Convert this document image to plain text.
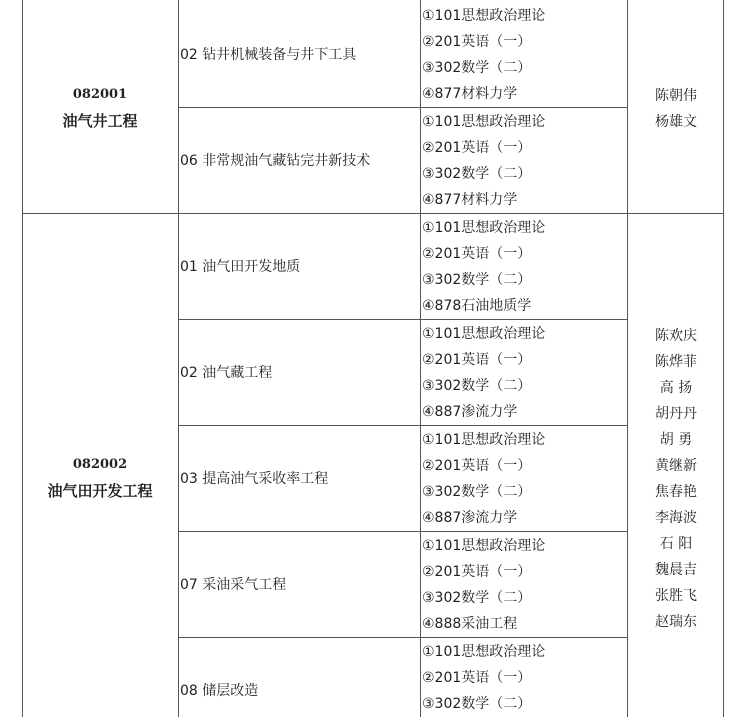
082001
油气井工程
02 钻井机械装备与井下工具
①101思想政治理论
②201英语（一）
③302数学（二）
④877材料力学
06 非常规油气藏钻完井新技术
①101思想政治理论
②201英语（一）
③302数学（二）
④877材料力学
陈朝伟
杨雄文
082002
油气田开发工程
01 油气田开发地质
①101思想政治理论
②201英语（一）
③302数学（二）
④878石油地质学
02 油气藏工程
①101思想政治理论
②201英语（一）
③302数学（二）
④887渗流力学
03 提高油气采收率工程
①101思想政治理论
②201英语（一）
③302数学（二）
④887渗流力学
07 采油采气工程
①101思想政治理论
②201英语（一）
③302数学（二）
④888采油工程
08 储层改造
①101思想政治理论
②201英语（一）
③302数学（二）
陈欢庆
陈烨菲
高 扬
胡丹丹
胡 勇
黄继新
焦春艳
李海波
石 阳
魏晨吉
张胜飞
赵瑞东
